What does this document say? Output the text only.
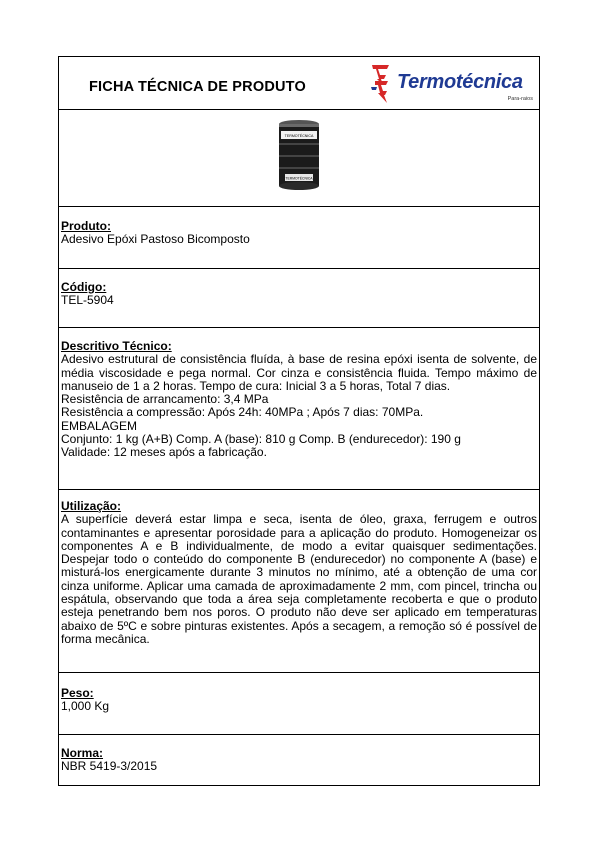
FICHA TÉCNICA DE PRODUTO	Termotécnica
Para-raios
TERMOTÉCNICA
TERMOTÉCNICA
Produto:
Adesivo Epóxi Pastoso Bicomposto
Código:
TEL-5904
Descritivo Técnico:
Adesivo estrutural de consistência fluída, à base de resina epóxi isenta de solvente, de média viscosidade e pega normal. Cor cinza e consistência fluida. Tempo máximo de manuseio de 1 a 2 horas. Tempo de cura: Inicial 3 a 5 horas, Total 7 dias.
Resistência de arrancamento: 3,4 MPa
Resistência a compressão: Após 24h: 40MPa ; Após 7 dias: 70MPa.
EMBALAGEM
Conjunto: 1 kg (A+B) Comp. A (base): 810 g Comp. B (endurecedor): 190 g
Validade: 12 meses após a fabricação.
Utilização:
A superfície deverá estar limpa e seca, isenta de óleo, graxa, ferrugem e outros contaminantes e apresentar porosidade para a aplicação do produto. Homogeneizar os componentes A e B individualmente, de modo a evitar quaisquer sedimentações. Despejar todo o conteúdo do componente B (endurecedor) no componente A (base) e misturá-los energicamente durante 3 minutos no mínimo, até a obtenção de uma cor cinza uniforme. Aplicar uma camada de aproximadamente 2 mm, com pincel, trincha ou espátula, observando que toda a área seja completamente recoberta e que o produto esteja penetrando bem nos poros. O produto não deve ser aplicado em temperaturas abaixo de 5ºC e sobre pinturas existentes. Após a secagem, a remoção só é possível de forma mecânica.
Peso:
1,000 Kg
Norma:
NBR 5419-3/2015
